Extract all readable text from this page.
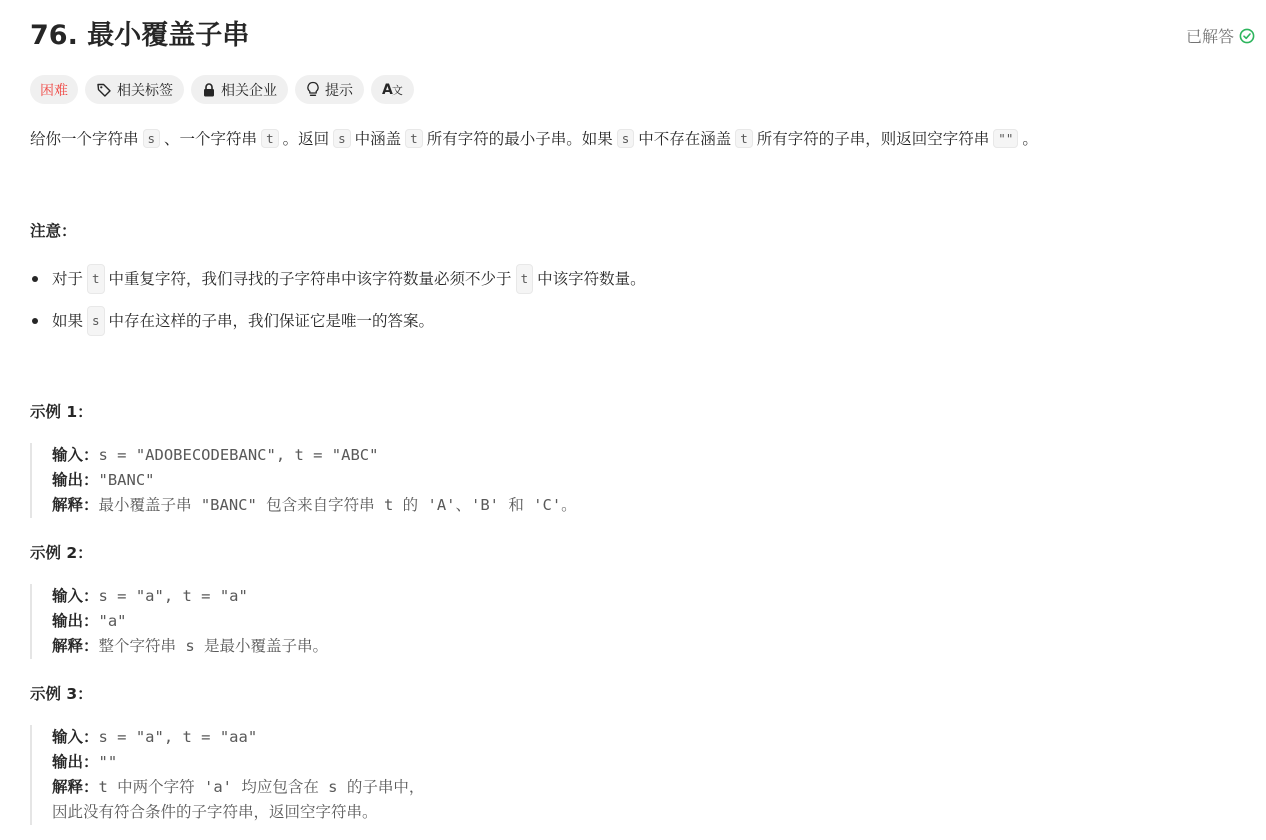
76. 最小覆盖子串	已解答
困难	相关标签	相关企业	提示 A 文
给你一个字符串 s 、一个字符串 t 。返回 s 中涵盖 t 所有字符的最小子串。如果 s 中不存在涵盖 t 所有字符的子串，则返回空字符串 "" 。
注意：
对于 t 中重复字符，我们寻找的子字符串中该字符数量必须不少于 t 中该字符数量。
如果 s 中存在这样的子串，我们保证它是唯一的答案。
示例 1：
输入：s = "ADOBECODEBANC", t = "ABC"
输出："BANC"
解释：最小覆盖子串 "BANC" 包含来自字符串 t 的 'A'、'B' 和 'C'。
示例 2：
输入：s = "a", t = "a"
输出："a"
解释：整个字符串 s 是最小覆盖子串。
示例 3：
输入：s = "a", t = "aa"
输出：""
解释：t 中两个字符 'a' 均应包含在 s 的子串中，
因此没有符合条件的子字符串，返回空字符串。
